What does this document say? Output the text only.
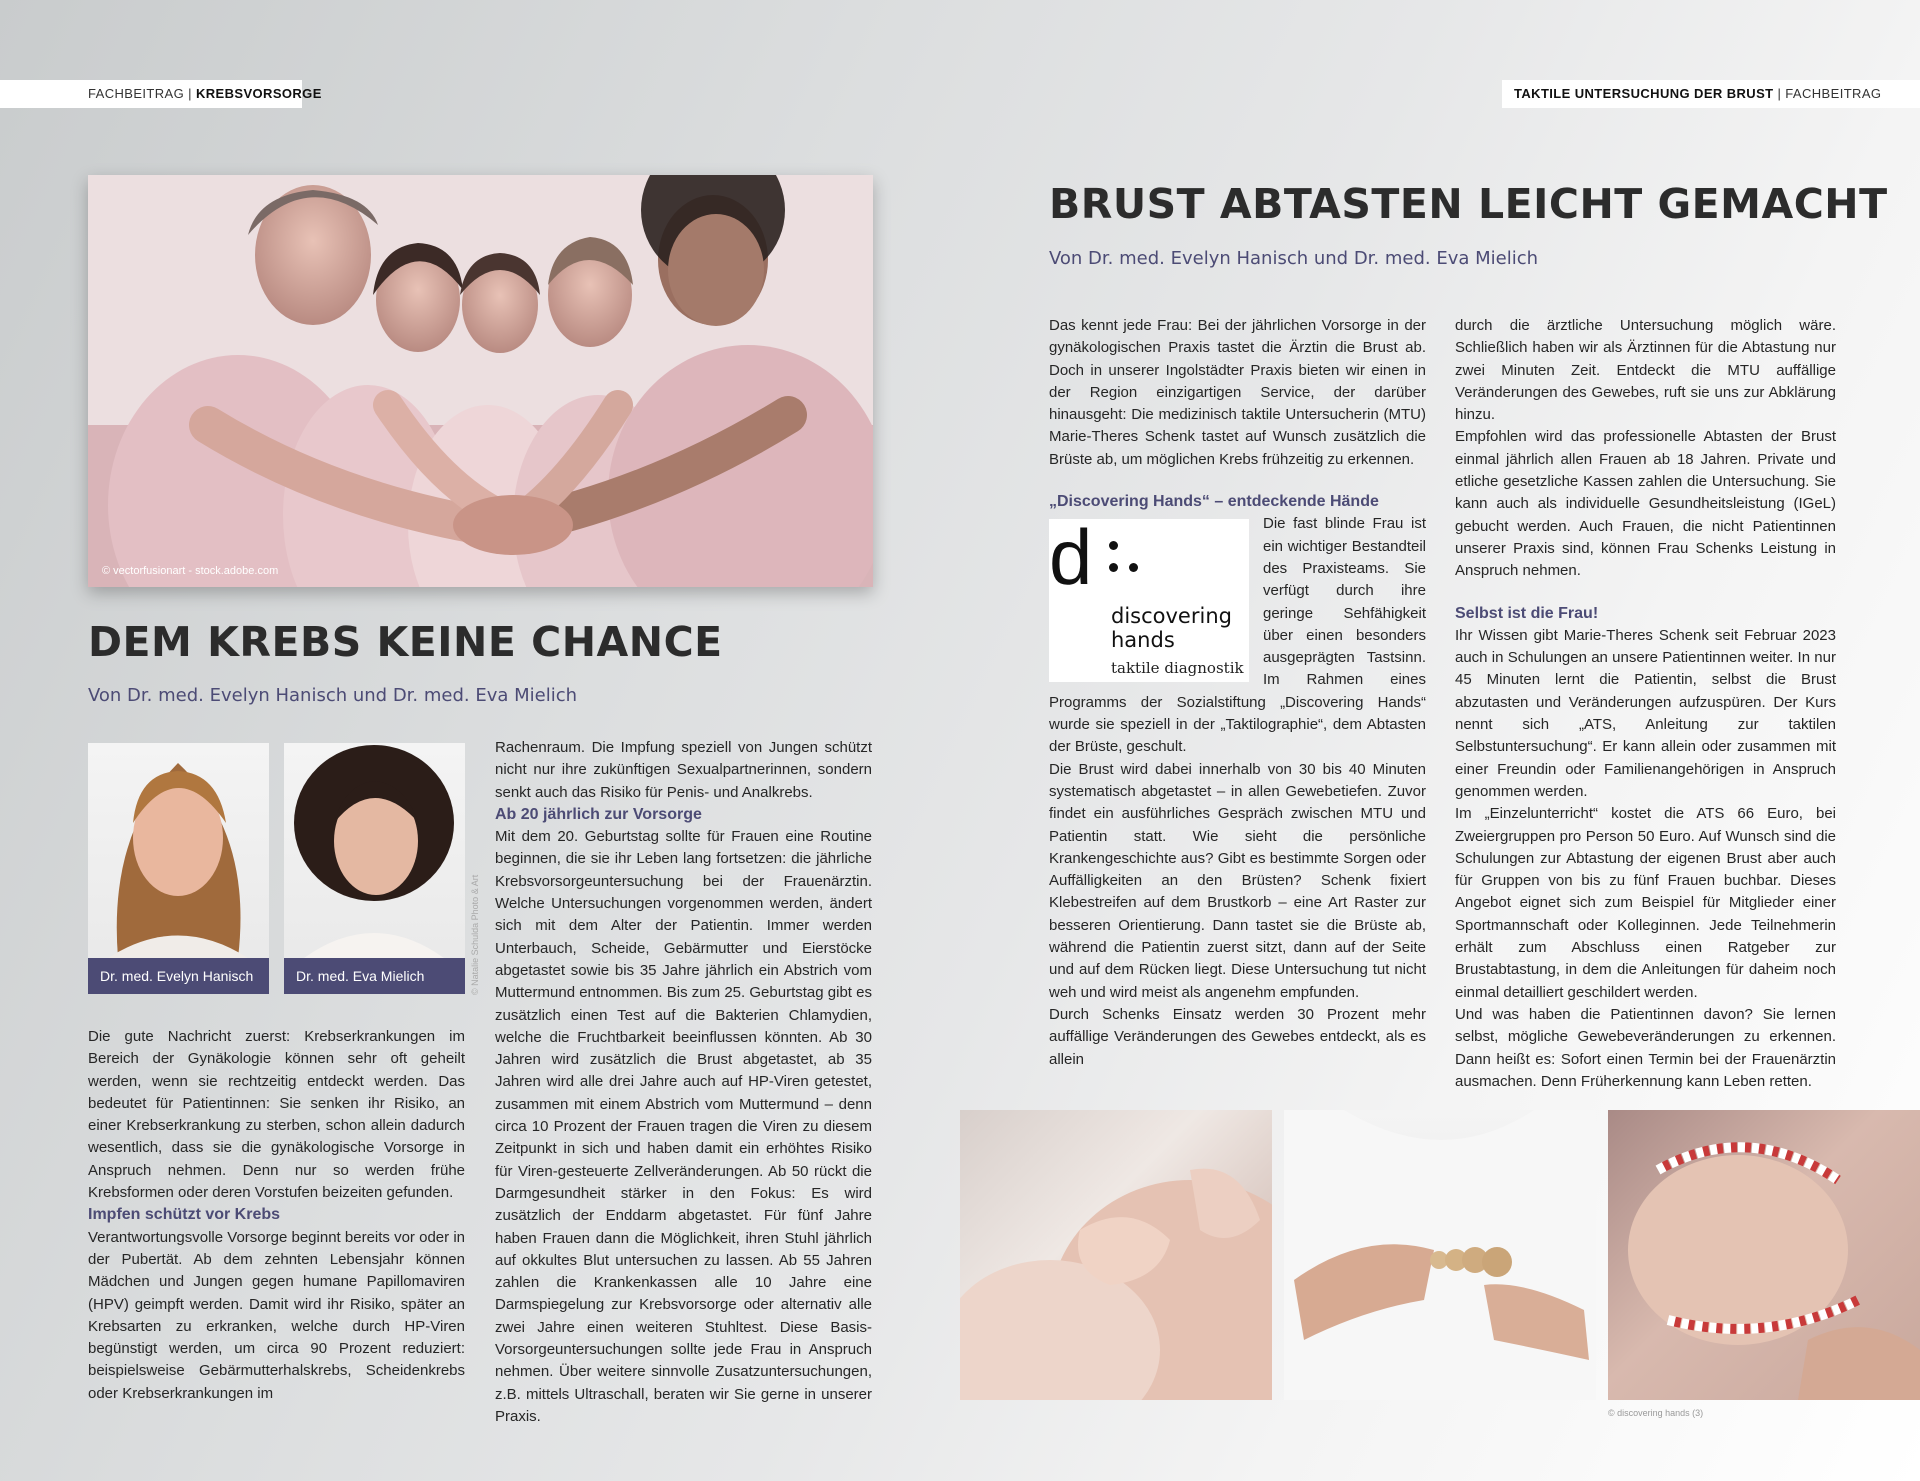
FACHBEITRAG | KREBSVORSORGE	TAKTILE UNTERSUCHUNG DER BRUST | FACHBEITRAG
© vectorfusionart - stock.adobe.com
DEM KREBS KEINE CHANCE
Von Dr. med. Evelyn Hanisch und Dr. med. Eva Mielich
Dr. med. Evelyn Hanisch	Dr. med. Eva Mielich	© Natalie Schulda Photo & Art

Die gute Nachricht zuerst: Krebserkrankungen im Bereich der Gynäkologie können sehr oft geheilt werden, wenn sie rechtzeitig entdeckt werden. Das bedeutet für Patientinnen: Sie senken ihr Risiko, an einer Krebserkrankung zu sterben, schon allein dadurch wesentlich, dass sie die gynäkologische Vorsorge in Anspruch nehmen. Denn nur so werden frühe Krebsformen oder deren Vorstufen beizeiten gefunden.

Impfen schützt vor Krebs

Verantwortungsvolle Vorsorge beginnt bereits vor oder in der Pubertät. Ab dem zehnten Lebensjahr können Mädchen und Jungen gegen humane Papillomaviren (HPV) geimpft werden. Damit wird ihr Risiko, später an Krebsarten zu erkranken, welche durch HP-Viren begünstigt werden, um circa 90 Prozent reduziert: beispielsweise Gebärmutterhalskrebs, Scheidenkrebs oder Krebserkrankungen im

Rachenraum. Die Impfung speziell von Jungen schützt nicht nur ihre zukünftigen Sexualpartnerinnen, sondern senkt auch das Risiko für Penis- und Analkrebs.

Ab 20 jährlich zur Vorsorge

Mit dem 20. Geburtstag sollte für Frauen eine Routine beginnen, die sie ihr Leben lang fortsetzen: die jährliche Krebsvorsorgeuntersuchung bei der Frauenärztin. Welche Untersuchungen vorgenommen werden, ändert sich mit dem Alter der Patientin. Immer werden Unterbauch, Scheide, Gebärmutter und Eierstöcke abgetastet sowie bis 35 Jahre jährlich ein Abstrich vom Muttermund entnommen. Bis zum 25. Geburtstag gibt es zusätzlich einen Test auf die Bakterien Chlamydien, welche die Fruchtbarkeit beeinflussen könnten. Ab 30 Jahren wird zusätzlich die Brust abgetastet, ab 35 Jahren wird alle drei Jahre auch auf HP-Viren getestet, zusammen mit einem Abstrich vom Muttermund – denn circa 10 Prozent der Frauen tragen die Viren zu diesem Zeitpunkt in sich und haben damit ein erhöhtes Risiko für Viren-gesteuerte Zellveränderungen. Ab 50 rückt die Darmgesundheit stärker in den Fokus: Es wird zusätzlich der Enddarm abgetastet. Für fünf Jahre haben Frauen dann die Möglichkeit, ihren Stuhl jährlich auf okkultes Blut untersuchen zu lassen. Ab 55 Jahren zahlen die Krankenkassen alle 10 Jahre eine Darmspiegelung zur Krebsvorsorge oder alternativ alle zwei Jahre einen weiteren Stuhltest. Diese Basis-Vorsorgeuntersuchungen sollte jede Frau in Anspruch nehmen. Über weitere sinnvolle Zusatzuntersuchungen, z.B. mittels Ultraschall, beraten wir Sie gerne in unserer Praxis.

BRUST ABTASTEN LEICHT GEMACHT
Von Dr. med. Evelyn Hanisch und Dr. med. Eva Mielich

Das kennt jede Frau: Bei der jährlichen Vorsorge in der gynäkologischen Praxis tastet die Ärztin die Brust ab. Doch in unserer Ingolstädter Praxis bieten wir einen in der Region einzigartigen Service, der darüber hinausgeht: Die medizinisch taktile Untersucherin (MTU) Marie-Theres Schenk tastet auf Wunsch zusätzlich die Brüste ab, um möglichen Krebs frühzeitig zu erkennen.

„Discovering Hands“ – entdeckende Hände

d
discovering
hands
taktile diagnostik

Die fast blinde Frau ist ein wichtiger Bestandteil des Praxisteams. Sie verfügt durch ihre geringe Sehfähigkeit über einen besonders ausgeprägten Tastsinn. Im Rahmen eines Programms der Sozialstiftung „Discovering Hands“ wurde sie speziell in der „Taktilographie“, dem Abtasten der Brüste, geschult.

Die Brust wird dabei innerhalb von 30 bis 40 Minuten systematisch abgetastet – in allen Gewebetiefen. Zuvor findet ein ausführliches Gespräch zwischen MTU und Patientin statt. Wie sieht die persönliche Krankengeschichte aus? Gibt es bestimmte Sorgen oder Auffälligkeiten an den Brüsten? Schenk fixiert Klebestreifen auf dem Brustkorb – eine Art Raster zur besseren Orientierung. Dann tastet sie die Brüste ab, während die Patientin zuerst sitzt, dann auf der Seite und auf dem Rücken liegt. Diese Untersuchung tut nicht weh und wird meist als angenehm empfunden.

Durch Schenks Einsatz werden 30 Prozent mehr auffällige Veränderungen des Gewebes entdeckt, als es allein

durch die ärztliche Untersuchung möglich wäre. Schließlich haben wir als Ärztinnen für die Abtastung nur zwei Minuten Zeit. Entdeckt die MTU auffällige Veränderungen des Gewebes, ruft sie uns zur Abklärung hinzu.

Empfohlen wird das professionelle Abtasten der Brust einmal jährlich allen Frauen ab 18 Jahren. Private und etliche gesetzliche Kassen zahlen die Untersuchung. Sie kann auch als individuelle Gesundheitsleistung (IGeL) gebucht werden. Auch Frauen, die nicht Patientinnen unserer Praxis sind, können Frau Schenks Leistung in Anspruch nehmen.

Selbst ist die Frau!

Ihr Wissen gibt Marie-Theres Schenk seit Februar 2023 auch in Schulungen an unsere Patientinnen weiter. In nur 45 Minuten lernt die Patientin, selbst die Brust abzutasten und Veränderungen aufzuspüren. Der Kurs nennt sich „ATS, Anleitung zur taktilen Selbstuntersuchung“. Er kann allein oder zusammen mit einer Freundin oder Familienangehörigen in Anspruch genommen werden.

Im „Einzelunterricht“ kostet die ATS 66 Euro, bei Zweiergruppen pro Person 50 Euro. Auf Wunsch sind die Schulungen zur Abtastung der eigenen Brust aber auch für Gruppen von bis zu fünf Frauen buchbar. Dieses Angebot eignet sich zum Beispiel für Mitglieder einer Sportmannschaft oder Kolleginnen. Jede Teilnehmerin erhält zum Abschluss einen Ratgeber zur Brustabtastung, in dem die Anleitungen für daheim noch einmal detailliert geschildert werden.

Und was haben die Patientinnen davon? Sie lernen selbst, mögliche Gewebeveränderungen zu erkennen. Dann heißt es: Sofort einen Termin bei der Frauenärztin ausmachen. Denn Früherkennung kann Leben retten.

© discovering hands (3)
